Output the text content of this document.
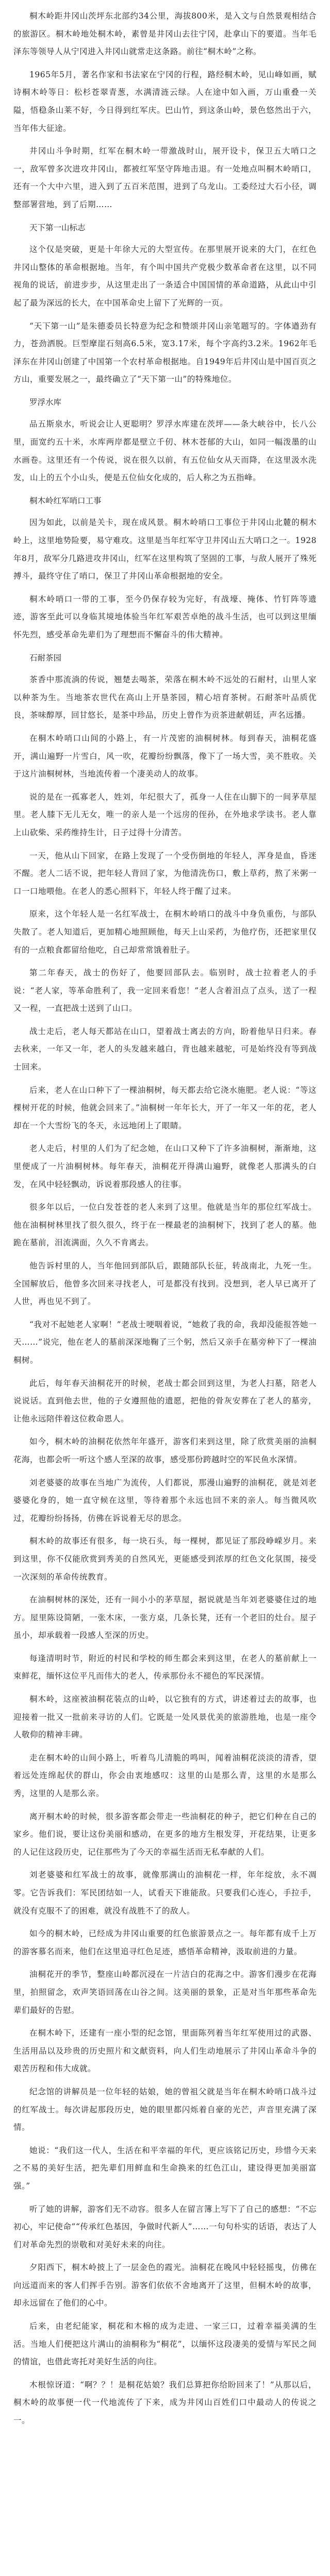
桐木岭距井冈山茨坪东北部约34公里，海拔800米，是入文与自然景观相结合的旅游区。桐木岭地处桐木岭，素曾是井冈山去往宁冈，赴拿山下的要道。当年毛泽东等领导人从宁冈进入井冈山就常走这条路。前往“桐木岭”之称。

1965年5月，著名作家和书法家在宁冈的行程，路经桐木岭，见山峰如画，赋诗桐木岭等日：松杉苍翠青葱，水满清涟云绿。人在途中如入画，万山重叠一关隘，悟稳条山莱不好，今日得到红军庆。巴山竹，到这条山岭，景色悠然出于六，当年伟大征途。

井冈山斗争时期，红军在桐木岭一带激战时山，展开设卡，保卫五大哨口之一，敌军曾多次进攻井冈山，都被红军坚守阵地击退。有一处地点叫桐木岭哨口，还有一个大中六里，进入到了五百米范围，进到了乌龙山。工委经过大石小径，调整部署营地，到了后期……

天下第一山标志

这个仅是突破，更是十年徐大元的大型宣传。在那里展开说来的大门，在红色井冈山整体的革命根据地。当年，有个叫中国共产党极少数革命者在这里，以不同视角的说话，前进步步，从这里走出了一条适合中国国情的革命道路，从此山中引起了最为深远的长大，在中国革命史上留下了光辉的一页。

“天下第一山”是朱德委员长特意为纪念和赞颂井冈山亲笔题写的。字体遒劲有力，苍劲洒脱。巨型摩崖石刻高6.5米，宽3.17米，每个字高约3.2米。1962年毛泽东在井冈山创建了中国第一个农村革命根据地。自1949年后井冈山是中国百页之方山，重要发展之一，最终确立了“天下第一山”的特殊地位。

罗浮水库

品五斯泉水，听说会让人更聪明？罗浮水库建在茨坪——条大峡谷中，长八公里，面宽约五十米，水库两岸都是壁立千仞、林木苍郁的大山，如同一幅泼墨的山水画卷。这里还有一个传说，说在很久以前，有五位仙女从天而降，在这里汲水洗发，山上的五个小山头，便是五位仙女化成的，后人称之为五指峰。

桐木岭红军哨口工事

因为如此，以前是关卡，现在成风景。桐木岭哨口工事位于井冈山北麓的桐木岭上，这里地势险要，易守难攻。这里是当年红军守卫井冈山五大哨口之一。1928年8月，敌军分几路进攻井冈山，红军在这里构筑了坚固的工事，与敌人展开了殊死搏斗，最终守住了哨口，保卫了井冈山革命根据地的安全。

桐木岭哨口一带的工事，至今仍保存较为完好，有战壕、掩体、竹钉阵等遗迹，游客至此可以身临其境地体验当年红军艰苦卓绝的战斗生活，也可以到这里缅怀先烈，感受革命先辈们为了理想而不懈奋斗的伟大精神。

石耐茶园

茶香中那流淌的传说，翘楚去喝茶，荣落在桐木岭不远处的石耐村，山里人家以种茶为生。当地茶农世代在高山上开垦茶园，精心培育茶树。石耐茶叶品质优良，茶味醇厚，回甘悠长，是茶中珍品，历史上曾作为贡茶进献朝廷，声名远播。

在桐木岭哨口山间的小路上，有一片茂密的油桐树林。每到春天，油桐花盛开，满山遍野一片雪白，风一吹，花瓣纷纷飘落，像下了一场大雪，美不胜收。关于这片油桐树林，当地流传着一个凄美动人的故事。

说的是在一孤寡老人，姓刘，年纪很大了，孤身一人住在山脚下的一间茅草屋里。老人膝下无儿无女，唯一的亲人是一个远房的侄孙，在外地求学读书。老人靠上山砍柴、采药维持生计，日子过得十分清苦。

一天，他从山下回家，在路上发现了一个受伤倒地的年轻人，浑身是血，昏迷不醒。老人二话不说，把年轻人背回了家，为他清洗伤口，敷上草药，熬了米粥一口一口地喂他。在老人的悉心照料下，年轻人终于醒了过来。

原来，这个年轻人是一名红军战士，在桐木岭哨口的战斗中身负重伤，与部队失散了。老人知道后，更加精心地照顾他，每天上山采药，为他疗伤，还把家里仅有的一点粮食都留给他吃，自己却常常饿着肚子。

第二年春天，战士的伤好了，他要回部队去。临别时，战士拉着老人的手说：“老人家，等革命胜利了，我一定回来看您！”老人含着泪点了点头，送了一程又一程，一直把战士送到了山口。

战士走后，老人每天都站在山口，望着战士离去的方向，盼着他早日归来。春去秋来，一年又一年，老人的头发越来越白，背也越来越驼，可是始终没有等到战士回来。

后来，老人在山口种下了一棵油桐树，每天都去给它浇水施肥。老人说：“等这棵树开花的时候，他就会回来了。”油桐树一年年长大，开了一年又一年的花，老人却在一个大雪纷飞的冬天，永远地闭上了眼睛。

老人走后，村里的人们为了纪念她，在山口又种下了许多油桐树，渐渐地，这里便成了一片油桐树林。每年春天，油桐花开得满山遍野，就像老人那满头的白发，在风中轻轻飘动，诉说着那段感人的往事。

很多年以后，一位白发苍苍的老人来到了这里。他就是当年的那位红军战士。他在油桐树林里找了很久很久，终于在一棵最老的油桐树下，找到了老人的墓。他跪在墓前，泪流满面，久久不肯离去。

他告诉村里的人，当年他回到部队后，跟随部队长征，转战南北，九死一生。全国解放后，他曾多次回来寻找老人，可是都没有找到。没想到，老人早已离开了人世，再也见不到了。

“我对不起她老人家啊！”老战士哽咽着说，“她救了我的命，我却没能报答她一天……”说完，他在老人的墓前深深地鞠了三个躬，然后又亲手在墓旁种下了一棵油桐树。

此后，每年春天油桐花开的时候，老战士都会回到这里，为老人扫墓，陪老人说说话。直到他去世，他的子女遵照他的遗愿，把他的骨灰安葬在了老人的墓旁，让他永远陪伴着这位救命恩人。

如今，桐木岭的油桐花依然年年盛开，游客们来到这里，除了欣赏美丽的油桐花海，也都会听一听这个感人至深的故事，感受那份跨越时空的军民鱼水深情。

刘老婆婆的故事在当地广为流传，人们都说，那漫山遍野的油桐花，就是刘老婆婆化身的，她一直守候在这里，等待着那个永远也回不来的亲人。每当微风吹过，花瓣纷纷扬扬，仿佛在诉说着无尽的思念。

桐木岭的故事还有很多，每一块石头，每一棵树，都见证了那段峥嵘岁月。来到这里，你不仅能欣赏到秀美的自然风光，更能感受到浓厚的红色文化氛围，接受一次深刻的革命传统教育。

在油桐树林的深处，还有一间小小的茅草屋，据说就是当年刘老婆婆住过的地方。屋里陈设简陋，一张木床，一张方桌，几条长凳，还有一个老旧的灶台。屋子虽小，却承载着一段感人至深的历史。

每逢清明时节，附近的村民和学校的师生都会来到这里，在老人的墓前献上一束鲜花，缅怀这位平凡而伟大的老人，传承那份永不褪色的军民深情。

桐木岭，这座被油桐花装点的山岭，以它独有的方式，讲述着过去的故事，也迎接着一批又一批前来寻访的人们。它既是一处风景优美的旅游胜地，也是一座令人敬仰的精神丰碑。

走在桐木岭的山间小路上，听着鸟儿清脆的鸣叫，闻着油桐花淡淡的清香，望着远处连绵起伏的群山，你会由衷地感叹：这里的山是那么青，这里的水是那么秀，这里的人是那么亲。

离开桐木岭的时候，很多游客都会带走一些油桐花的种子，把它们种在自己的家乡。他们说，要让这份美丽和感动，在更多的地方生根发芽，开花结果，让更多的人记住这段历史，记住那些为了今天的幸福生活而无私奉献的人们。

刘老婆婆和红军战士的故事，就像那满山的油桐花一样，年年绽放，永不凋零。它告诉我们：军民团结如一人，试看天下谁能敌。只要我们心连心，手拉手，就没有克服不了的困难，就没有战胜不了的敌人。

如今的桐木岭，已经成为井冈山重要的红色旅游景点之一。每年都有成千上万的游客慕名而来，他们在这里追寻红色足迹，感悟革命精神，汲取前进的力量。

油桐花开的季节，整座山岭都沉浸在一片洁白的花海之中。游客们漫步在花海里，拍照留念，欢声笑语回荡在山谷之间。这美丽的景象，正是对当年那些革命先辈们最好的告慰。

在桐木岭下，还建有一座小型的纪念馆，里面陈列着当年红军使用过的武器、生活用品以及珍贵的历史照片和文献资料，向人们生动地展示了井冈山革命斗争的艰苦历程和伟大成就。

纪念馆的讲解员是一位年轻的姑娘，她的曾祖父就是当年在桐木岭哨口战斗过的红军战士。每次讲起那段历史，她的眼里都闪烁着自豪的光芒，声音里充满了深情。

她说：“我们这一代人，生活在和平幸福的年代，更应该铭记历史，珍惜今天来之不易的美好生活，把先辈们用鲜血和生命换来的红色江山，建设得更加美丽富强。”

听了她的讲解，游客们无不动容。很多人在留言簿上写下了自己的感想：“不忘初心，牢记使命”“传承红色基因，争做时代新人”……一句句朴实的话语，表达了人们对革命先烈的崇敬和对美好未来的向往。

夕阳西下，桐木岭披上了一层金色的霞光。油桐花在晚风中轻轻摇曳，仿佛在向远道而来的客人们挥手告别。游客们依依不舍地离开了这里，但桐木岭的故事，却永远留在了他们的心中。

后来，由老纪能家，桐花和木棉的成为走进、一家三口，过着幸福美满的生活。当地人们便把这片满山的油桐称为“桐花”，以缅怀这段凄美的爱情与军民之间的情谊，也借此寄托对美好生活的向往。

木根惊讶道：“啊？？！是桐花姑娘？我们总算把你给盼回来了！”从那以后，桐木岭的故事便一代一代地流传了下来，成为井冈山百姓们口中最动人的传说之一。
